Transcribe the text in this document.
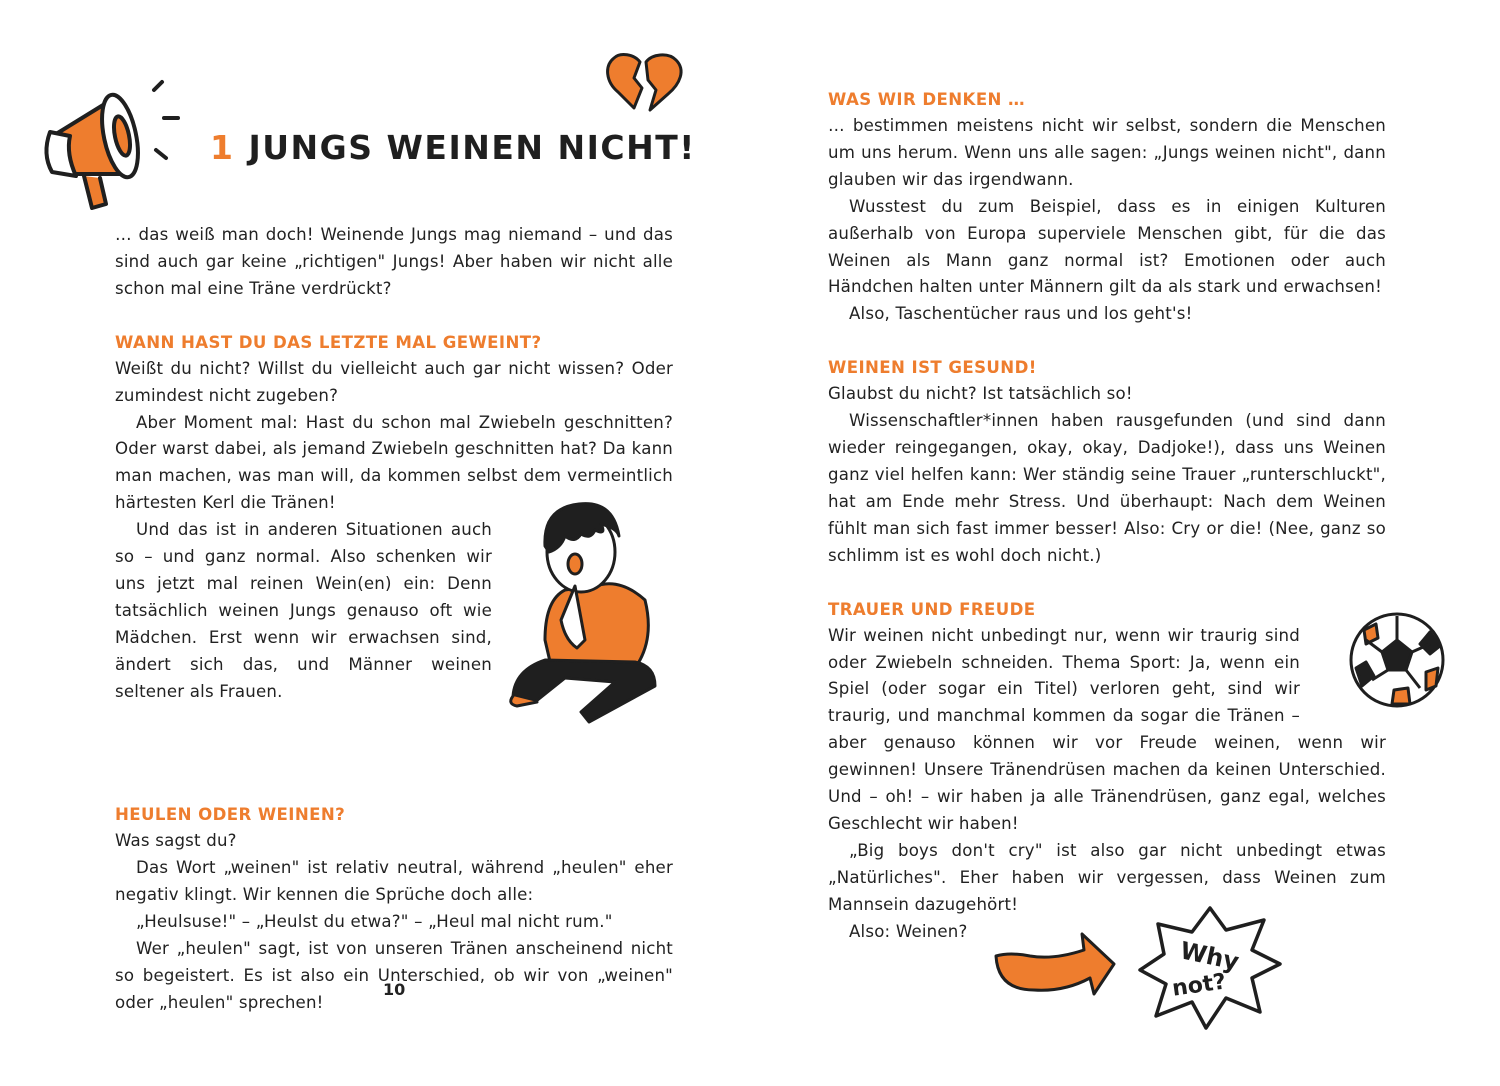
1 JUNGS WEINEN NICHT!

… das weiß man doch! Weinende Jungs mag niemand – und das sind auch gar keine „richtigen" Jungs! Aber haben wir nicht alle schon mal eine Träne verdrückt?

WANN HAST DU DAS LETZTE MAL GEWEINT?

Weißt du nicht? Willst du vielleicht auch gar nicht wissen? Oder zumindest nicht zugeben?

Aber Moment mal: Hast du schon mal Zwiebeln geschnitten? Oder warst dabei, als jemand Zwiebeln geschnitten hat? Da kann man machen, was man will, da kommen selbst dem vermeintlich härtesten Kerl die Tränen!

Und das ist in anderen Situationen auch so – und ganz normal. Also schenken wir uns jetzt mal reinen Wein(en) ein: Denn tatsächlich weinen Jungs genauso oft wie Mädchen. Erst wenn wir erwachsen sind, ändert sich das, und Männer weinen seltener als Frauen.

HEULEN ODER WEINEN?

Was sagst du?

Das Wort „weinen" ist relativ neutral, während „heulen" eher negativ klingt. Wir kennen die Sprüche doch alle:

„Heulsuse!" – „Heulst du etwa?" – „Heul mal nicht rum."

Wer „heulen" sagt, ist von unseren Tränen anscheinend nicht so begeistert. Es ist also ein Unterschied, ob wir von „weinen" oder „heulen" sprechen!

10
WAS WIR DENKEN …

… bestimmen meistens nicht wir selbst, sondern die Menschen um uns herum. Wenn uns alle sagen: „Jungs weinen nicht", dann glauben wir das irgendwann.

Wusstest du zum Beispiel, dass es in einigen Kulturen außerhalb von Europa superviele Menschen gibt, für die das Weinen als Mann ganz normal ist? Emotionen oder auch Händchen halten unter Männern gilt da als stark und erwachsen!

Also, Taschentücher raus und los geht's!

WEINEN IST GESUND!

Glaubst du nicht? Ist tatsächlich so!

Wissenschaftler*innen haben rausgefunden (und sind dann wieder reingegangen, okay, okay, Dadjoke!), dass uns Weinen ganz viel helfen kann: Wer ständig seine Trauer „runterschluckt", hat am Ende mehr Stress. Und überhaupt: Nach dem Weinen fühlt man sich fast immer besser! Also: Cry or die! (Nee, ganz so schlimm ist es wohl doch nicht.)

TRAUER UND FREUDE

Wir weinen nicht unbedingt nur, wenn wir traurig sind oder Zwiebeln schneiden. Thema Sport: Ja, wenn ein Spiel (oder sogar ein Titel) verloren geht, sind wir traurig, und manchmal kommen da sogar die Tränen – aber genauso können wir vor Freude weinen, wenn wir gewinnen! Unsere Tränendrüsen machen da keinen Unterschied. Und – oh! – wir haben ja alle Tränendrüsen, ganz egal, welches Geschlecht wir haben!

„Big boys don't cry" ist also gar nicht unbedingt etwas „Natürliches". Eher haben wir vergessen, dass Weinen zum Mannsein dazugehört!

Also: Weinen?

Why
not?
